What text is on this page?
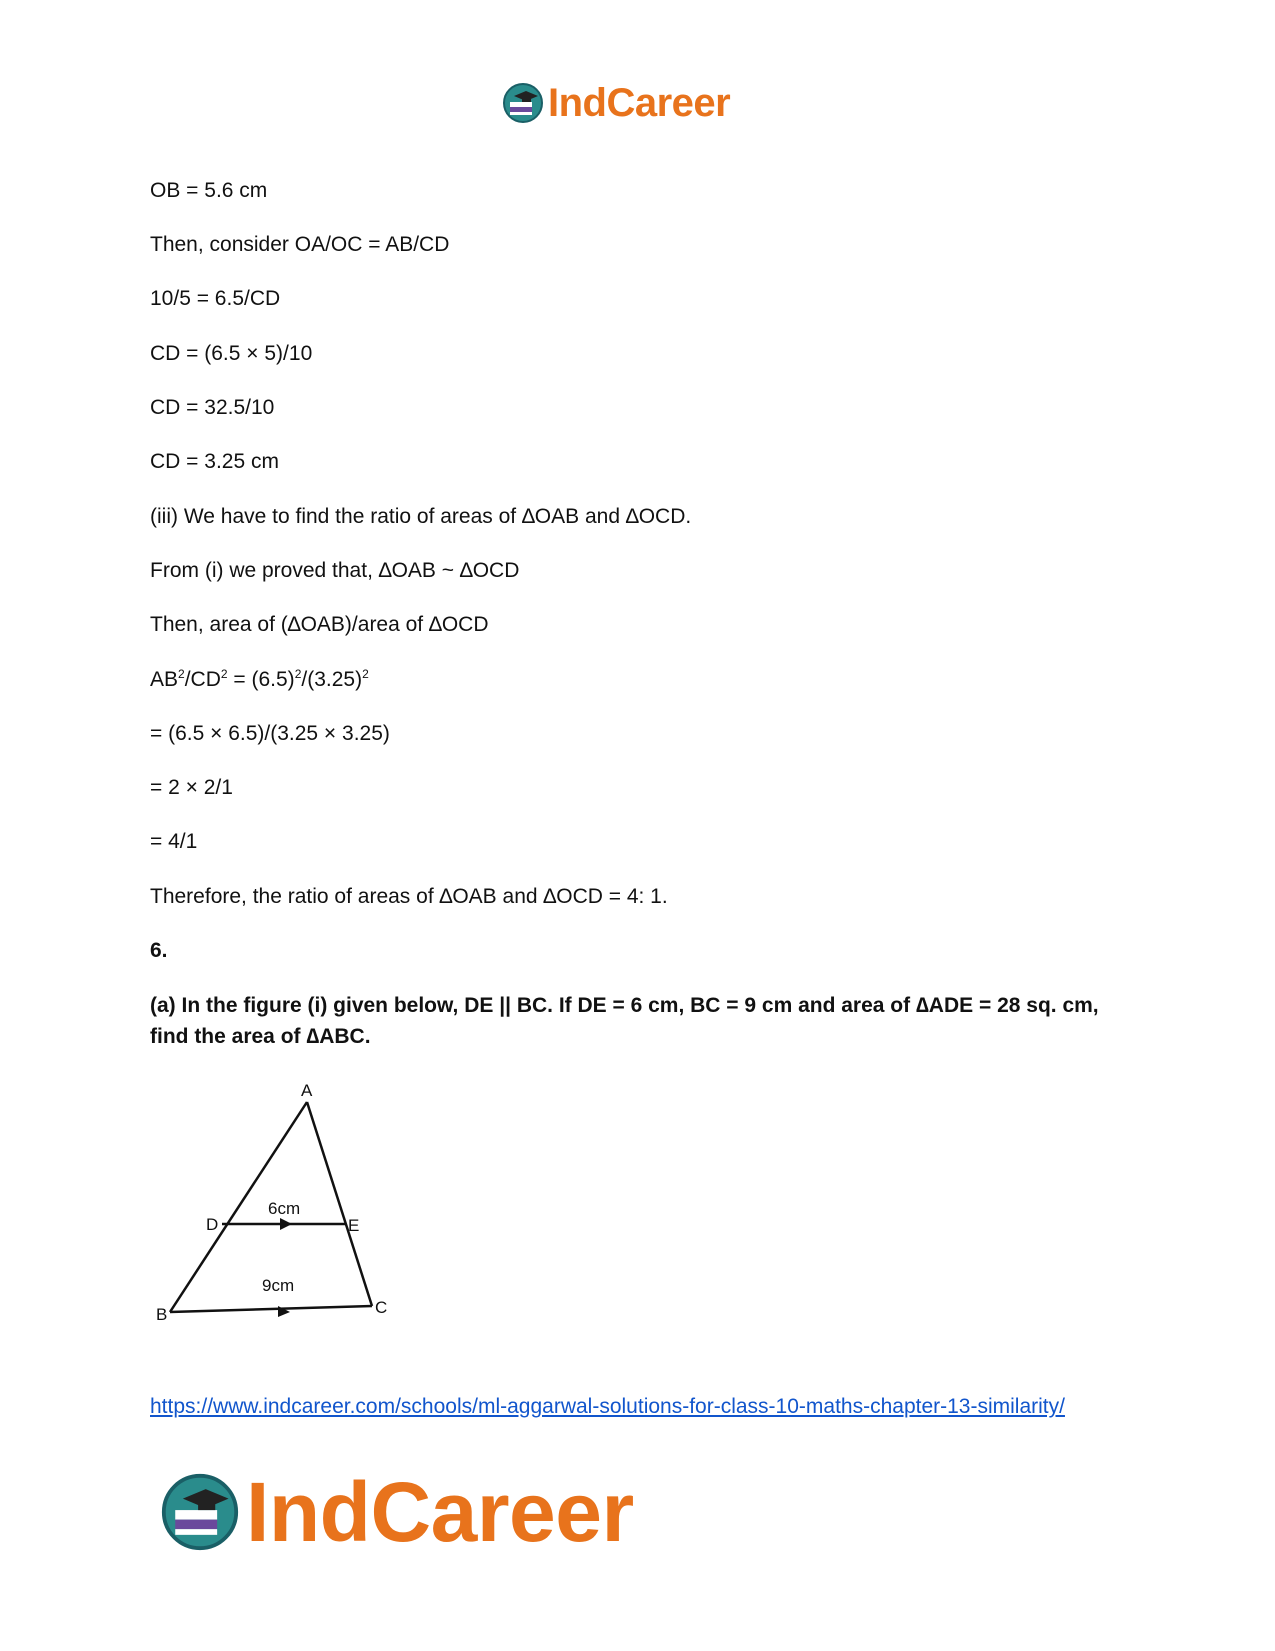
IndCareer
OB = 5.6 cm
Then, consider OA/OC = AB/CD
10/5 = 6.5/CD
CD = (6.5 × 5)/10
CD = 32.5/10
CD = 3.25 cm
(iii) We have to find the ratio of areas of ∆OAB and ∆OCD.
From (i) we proved that, ∆OAB ~ ∆OCD
Then, area of (∆OAB)/area of ∆OCD
$AB^2/CD^2 = (6.5)^2/(3.25)^2$
= (6.5 × 6.5)/(3.25 × 3.25)
= 2 × 2/1
= 4/1
Therefore, the ratio of areas of ∆OAB and ∆OCD = 4: 1.
6.
(a) In the figure (i) given below, DE || BC. If DE = 6 cm, BC = 9 cm and area of ∆ADE = 28 sq. cm, find the area of ∆ABC.
A
D	E
B	C
6cm
9cm
https://www.indcareer.com/schools/ml-aggarwal-solutions-for-class-10-maths-chapter-13-similarity/
IndCareer
